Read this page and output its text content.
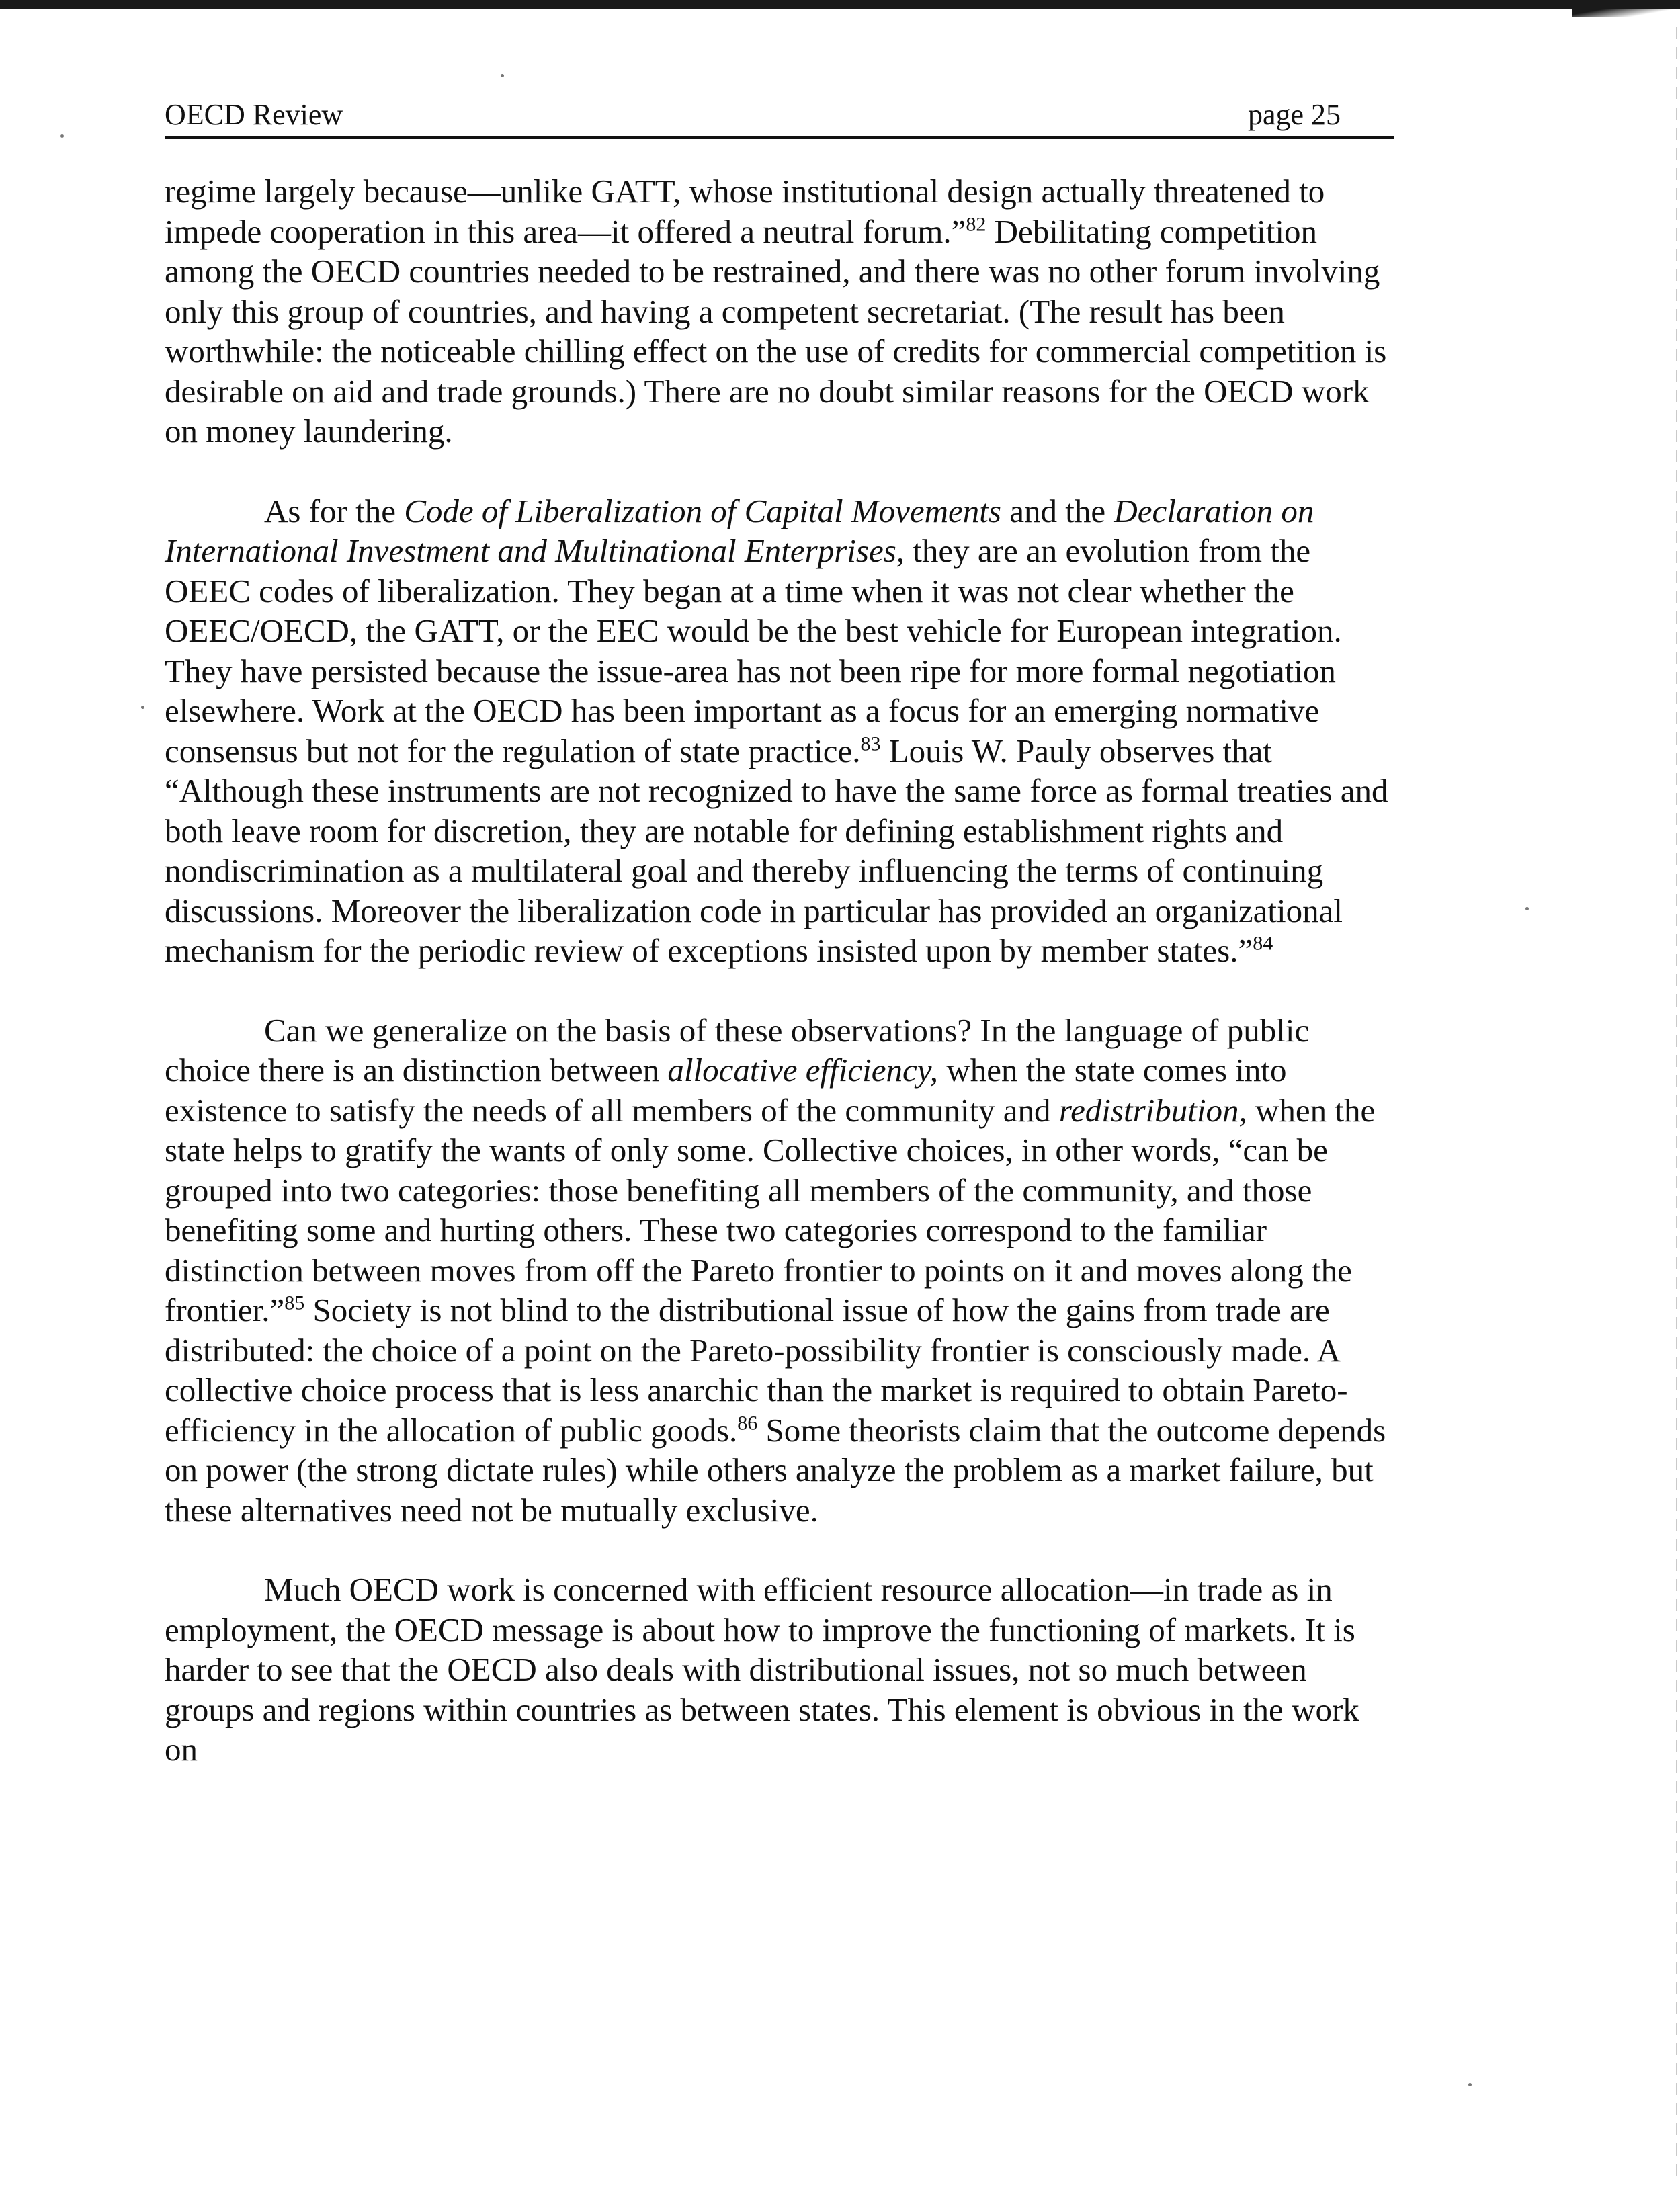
OECD Review	page 25

regime largely because—unlike GATT, whose institutional design actually threatened to impede cooperation in this area—it offered a neutral forum.”$^{82}$ Debilitating competition among the OECD countries needed to be restrained, and there was no other forum involving only this group of countries, and having a competent secretariat. (The result has been worthwhile: the noticeable chilling effect on the use of credits for commercial competition is desirable on aid and trade grounds.) There are no doubt similar reasons for the OECD work on money laundering.

As for the Code of Liberalization of Capital Movements and the Declaration on International Investment and Multinational Enterprises, they are an evolution from the OEEC codes of liberalization. They began at a time when it was not clear whether the OEEC/OECD, the GATT, or the EEC would be the best vehicle for European integration. They have persisted because the issue-area has not been ripe for more formal negotiation elsewhere. Work at the OECD has been important as a focus for an emerging normative consensus but not for the regulation of state practice.$^{83}$ Louis W. Pauly observes that “Although these instruments are not recognized to have the same force as formal treaties and both leave room for discretion, they are notable for defining establishment rights and nondiscrimination as a multilateral goal and thereby influencing the terms of continuing discussions. Moreover the liberalization code in particular has provided an organizational mechanism for the periodic review of exceptions insisted upon by member states.”$^{84}$

Can we generalize on the basis of these observations? In the language of public choice there is an distinction between allocative efficiency, when the state comes into existence to satisfy the needs of all members of the community and redistribution, when the state helps to gratify the wants of only some. Collective choices, in other words, “can be grouped into two categories: those benefiting all members of the community, and those benefiting some and hurting others. These two categories correspond to the familiar distinction between moves from off the Pareto frontier to points on it and moves along the frontier.”$^{85}$ Society is not blind to the distributional issue of how the gains from trade are distributed: the choice of a point on the Pareto-possibility frontier is consciously made. A collective choice process that is less anarchic than the market is required to obtain Pareto-efficiency in the allocation of public goods.$^{86}$ Some theorists claim that the outcome depends on power (the strong dictate rules) while others analyze the problem as a market failure, but these alternatives need not be mutually exclusive.

Much OECD work is concerned with efficient resource allocation—in trade as in employment, the OECD message is about how to improve the functioning of markets. It is harder to see that the OECD also deals with distributional issues, not so much between groups and regions within countries as between states. This element is obvious in the work on
